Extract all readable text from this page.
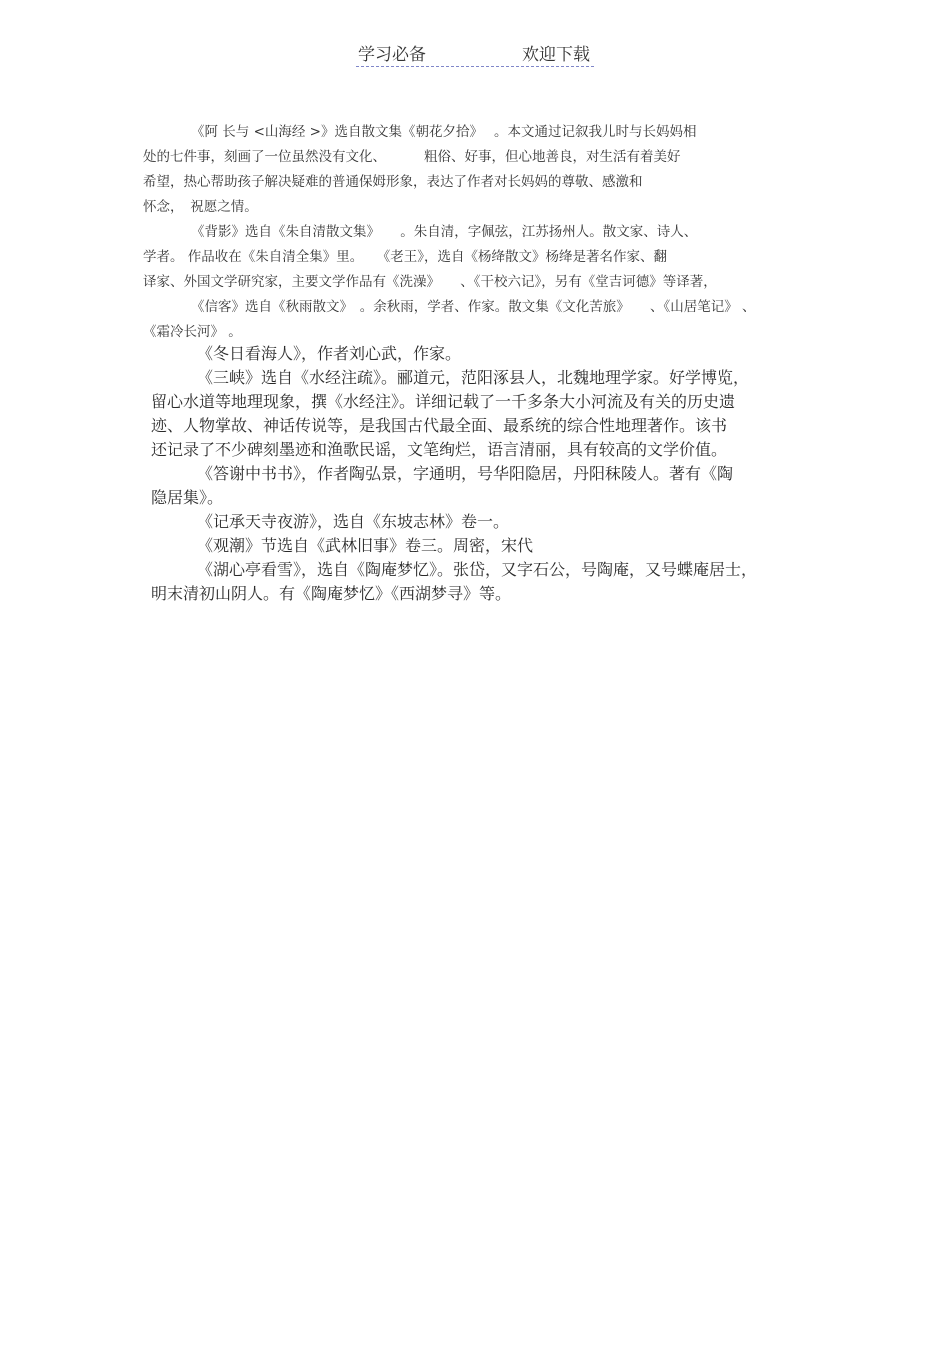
学习必备	欢迎下载
《阿 长与 <山海经 >》选自散文集《朝花夕拾》　 。本文通过记叙我儿时与长妈妈相
处的七件事，刻画了一位虽然没有文化、　　　 粗俗、好事，但心地善良，对生活有着美好
希望，热心帮助孩子解决疑难的普通保姆形象，表达了作者对长妈妈的尊敬、感激和
怀念，　祝愿之情。
《背影》选自《朱自清散文集》　　。朱自清，字佩弦，江苏扬州人。散文家、诗人、
学者。 作品收在《朱自清全集》里。　　《老王》，选自《杨绛散文》杨绛是著名作家、翻
译家、外国文学研究家，主要文学作品有《洗澡》　　、《干校六记》，另有《堂吉诃德》等译著，
《信客》选自《秋雨散文》　。余秋雨，学者、作家。散文集《文化苦旅》　　、《山居笔记》 、
《霜冷长河》 。
《冬日看海人》，作者刘心武，作家。
《三峡》选自《水经注疏》。郦道元，范阳涿县人，北魏地理学家。好学博览，
留心水道等地理现象，撰《水经注》。详细记载了一千多条大小河流及有关的历史遗
迹、人物掌故、神话传说等，是我国古代最全面、最系统的综合性地理著作。该书
还记录了不少碑刻墨迹和渔歌民谣，文笔绚烂，语言清丽，具有较高的文学价值。
《答谢中书书》，作者陶弘景，字通明，号华阳隐居，丹阳秣陵人。著有《陶
隐居集》。
《记承天寺夜游》，选自《东坡志林》卷一。
《观潮》节选自《武林旧事》卷三。周密，宋代
《湖心亭看雪》，选自《陶庵梦忆》。张岱，又字石公，号陶庵，又号蝶庵居士，
明末清初山阴人。有《陶庵梦忆》《西湖梦寻》等。
